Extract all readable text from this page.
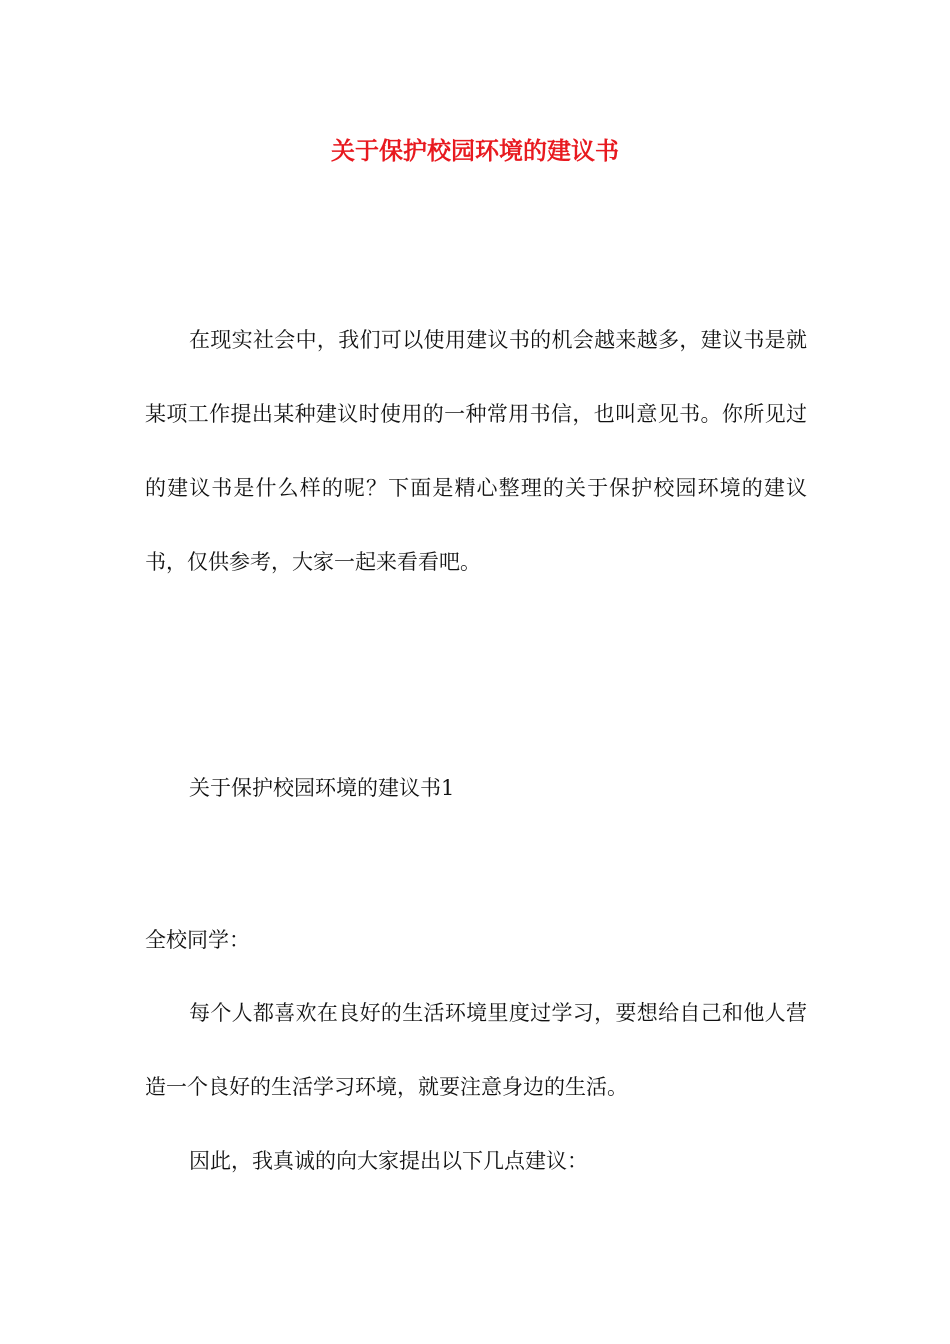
关于保护校园环境的建议书

在现实社会中，我们可以使用建议书的机会越来越多，建议书是就某项工作提出某种建议时使用的一种常用书信，也叫意见书。你所见过的建议书是什么样的呢？下面是精心整理的关于保护校园环境的建议书，仅供参考，大家一起来看看吧。

关于保护校园环境的建议书1

全校同学：

每个人都喜欢在良好的生活环境里度过学习，要想给自己和他人营造一个良好的生活学习环境，就要注意身边的生活。

因此，我真诚的向大家提出以下几点建议：
